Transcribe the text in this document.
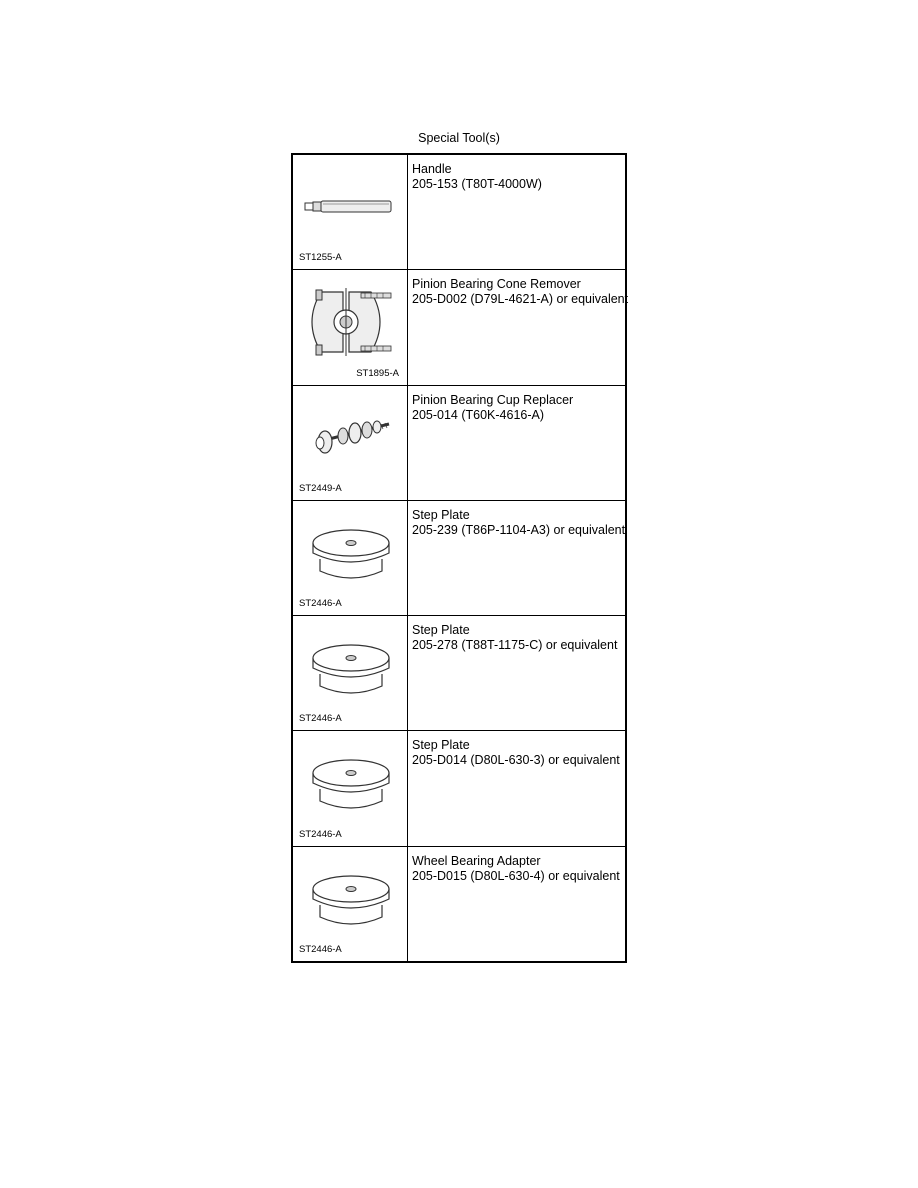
Special Tool(s)
ST1255-A
Handle
205-153 (T80T-4000W)
ST1895-A
Pinion Bearing Cone Remover
205-D002 (D79L-4621-A) or equivalent
ST2449-A
Pinion Bearing Cup Replacer
205-014 (T60K-4616-A)
ST2446-A
Step Plate
205-239 (T86P-1104-A3) or equivalent
ST2446-A
Step Plate
205-278 (T88T-1175-C) or equivalent
ST2446-A
Step Plate
205-D014 (D80L-630-3) or equivalent
ST2446-A
Wheel Bearing Adapter
205-D015 (D80L-630-4) or equivalent
